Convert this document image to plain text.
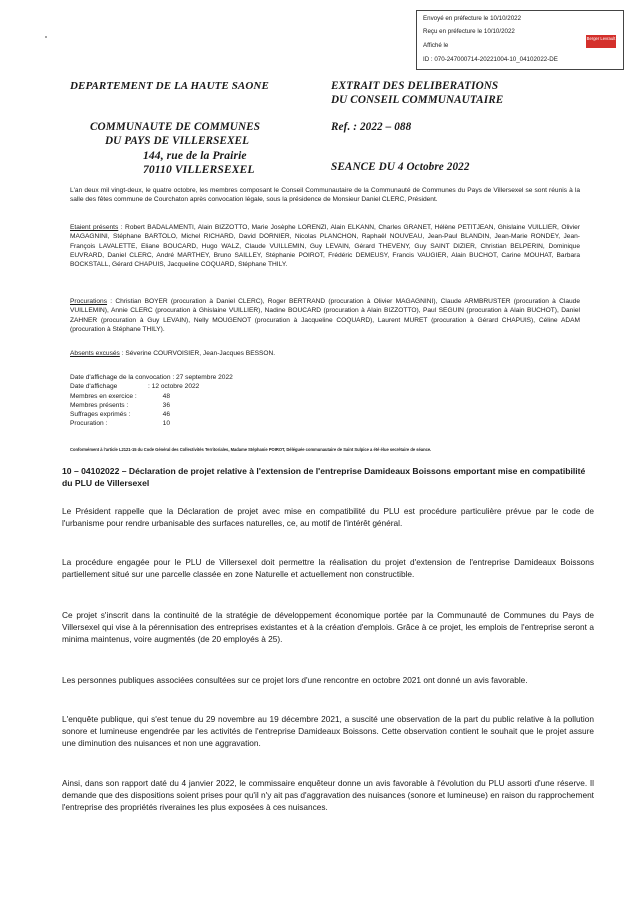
Envoyé en préfecture le 10/10/2022
Reçu en préfecture le 10/10/2022
Affiché le
ID : 070-247000714-20221004-10_04102022-DE
Berger Levrault
DEPARTEMENT DE LA HAUTE SAONE
COMMUNAUTE DE COMMUNES
DU PAYS DE VILLERSEXEL
144, rue de la Prairie
70110 VILLERSEXEL
EXTRAIT DES DELIBERATIONS
DU CONSEIL COMMUNAUTAIRE
Ref. : 2022 – 088
SEANCE DU 4 Octobre 2022
L'an deux mil vingt-deux, le quatre octobre, les membres composant le Conseil Communautaire de la Communauté de Communes du Pays de Villersexel se sont réunis à la salle des fêtes commune de Courchaton après convocation légale, sous la présidence de Monsieur Daniel CLERC, Président.
Etaient présents : Robert BADALAMENTI, Alain BIZZOTTO, Marie Josèphe LORENZI, Alain ELKANN, Charles GRANET, Hélène PETITJEAN, Ghislaine VUILLIER, Olivier MAGAGNINI, Stéphane BARTOLO, Michel RICHARD, David DORNIER, Nicolas PLANCHON, Raphaël NOUVEAU, Jean-Paul BLANDIN, Jean-Marie RONDEY, Jean-François LAVALETTE, Eliane BOUCARD, Hugo WALZ, Claude VUILLEMIN, Guy LEVAIN, Gérard THEVENY, Guy SAINT DIZIER, Christian BELPERIN, Dominique EUVRARD, Daniel CLERC, André MARTHEY, Bruno SAILLEY, Stéphanie POIROT, Frédéric DEMEUSY, Francis VAUGIER, Alain BUCHOT, Carine MOUHAT, Barbara BOCKSTALL, Gérard CHAPUIS, Jacqueline COQUARD, Stéphane THILY.
Procurations : Christian BOYER (procuration à Daniel CLERC), Roger BERTRAND (procuration à Olivier MAGAGNINI), Claude ARMBRUSTER (procuration à Claude VUILLEMIN), Annie CLERC (procuration à Ghislaine VUILLIER), Nadine BOUCARD (procuration à Alain BIZZOTTO), Paul SEGUIN (procuration à Alain BUCHOT), Daniel ZAHNER (procuration à Guy LEVAIN), Nelly MOUGENOT (procuration à Jacqueline COQUARD), Laurent MURET (procuration à Gérard CHAPUIS), Céline ADAM (procuration à Stéphane THILY).
Absents excusés : Séverine COURVOISIER, Jean-Jacques BESSON.
Date d'affichage de la convocation : 27 septembre 2022
Date d'affichage	: 12 octobre 2022
Membres en exercice :	48
Membres présents :	36
Suffrages exprimés :	46
Procuration :	10
Conformément à l'article L2121-15 du Code Général des Collectivités Territoriales, Madame Stéphanie POIROT, Déléguée communautaire de Saint Sulpice a été élue secrétaire de séance.
10 – 04102022 – Déclaration de projet relative à l'extension de l'entreprise Damideaux Boissons emportant mise en compatibilité du PLU de Villersexel
Le Président rappelle que la Déclaration de projet avec mise en compatibilité du PLU est procédure particulière prévue par le code de l'urbanisme pour rendre urbanisable des surfaces naturelles, ce, au motif de l'intérêt général.
La procédure engagée pour le PLU de Villersexel doit permettre la réalisation du projet d'extension de l'entreprise Damideaux Boissons partiellement situé sur une parcelle classée en zone Naturelle et actuellement non constructible.
Ce projet s'inscrit dans la continuité de la stratégie de développement économique portée par la Communauté de Communes du Pays de Villersexel qui vise à la pérennisation des entreprises existantes et à la création d'emplois. Grâce à ce projet, les emplois de l'entreprise seront a minima maintenus, voire augmentés (de 20 employés à 25).
Les personnes publiques associées consultées sur ce projet lors d'une rencontre en octobre 2021 ont donné un avis favorable.
L'enquête publique, qui s'est tenue du 29 novembre au 19 décembre 2021, a suscité une observation de la part du public relative à la pollution sonore et lumineuse engendrée par les activités de l'entreprise Damideaux Boissons. Cette observation contient le souhait que le projet assure une diminution des nuisances et non une aggravation.
Ainsi, dans son rapport daté du 4 janvier 2022, le commissaire enquêteur donne un avis favorable à l'évolution du PLU assorti d'une réserve. Il demande que des dispositions soient prises pour qu'il n'y ait pas d'aggravation des nuisances (sonore et lumineuse) en raison du rapprochement l'entreprise des propriétés riveraines les plus exposées à ces nuisances.
